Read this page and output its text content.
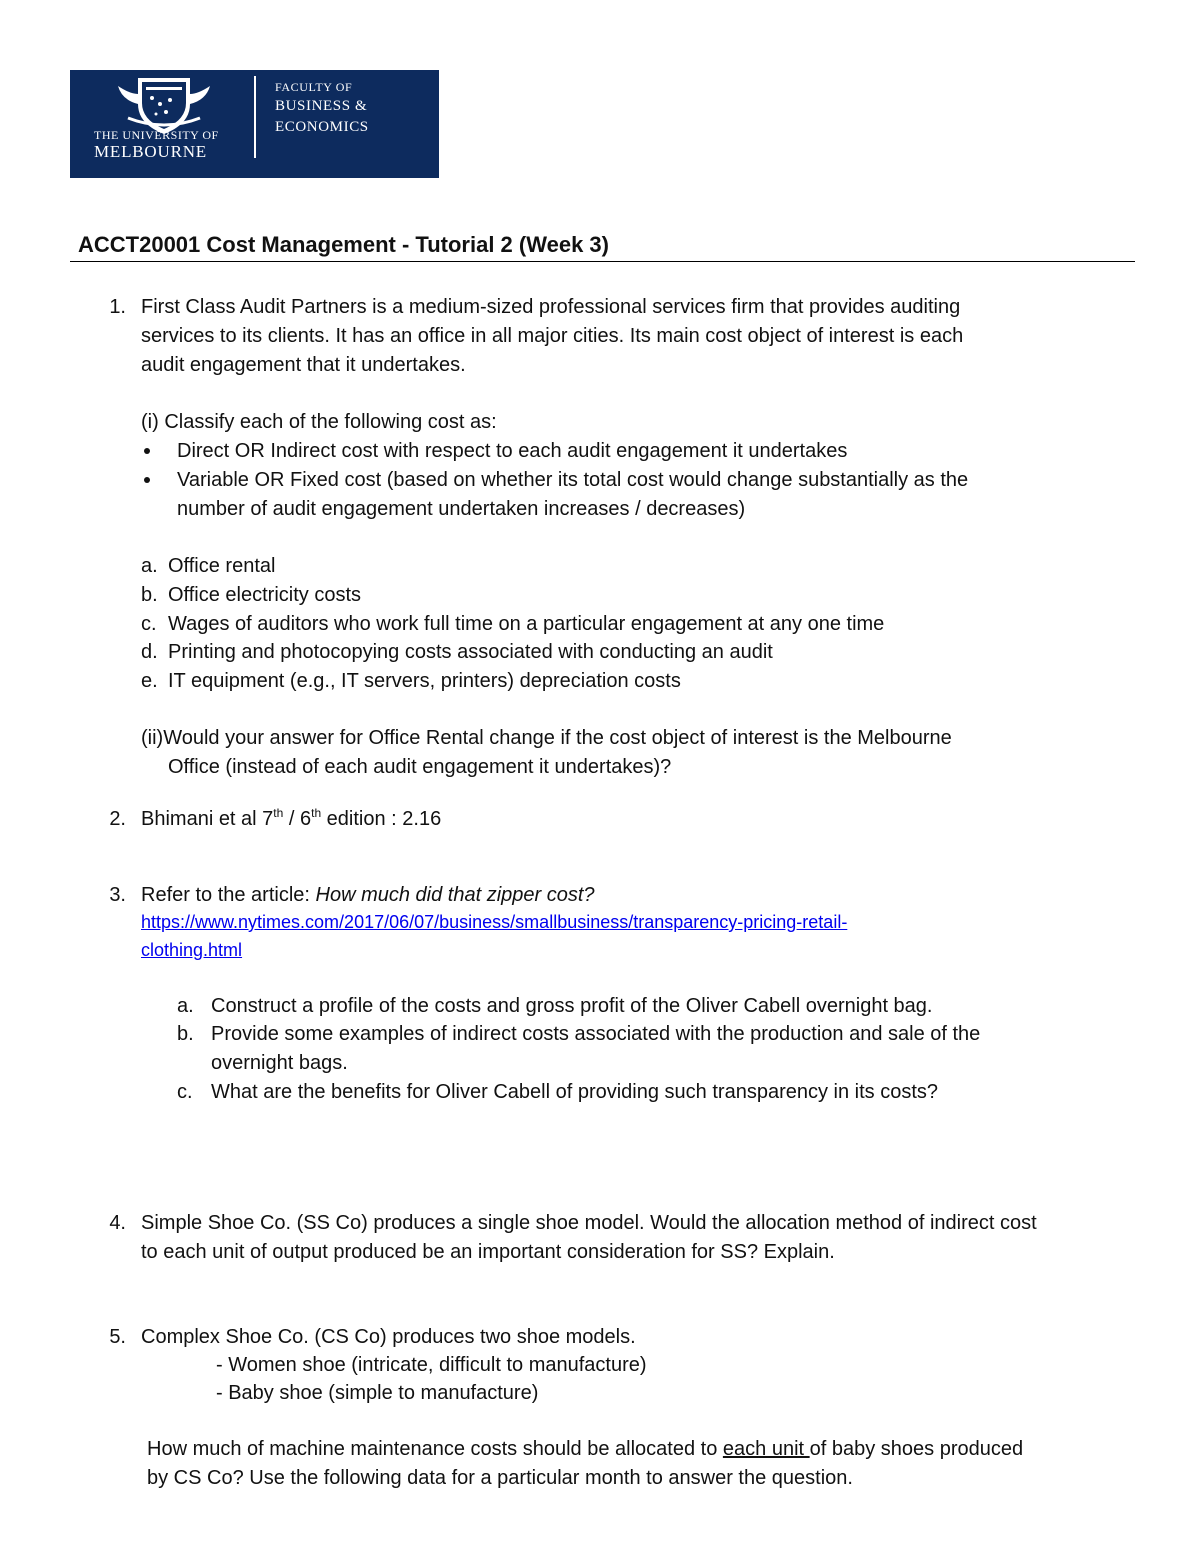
THE UNIVERSITY OF
MELBOURNE
FACULTY OF
BUSINESS &
ECONOMICS
ACCT20001 Cost Management - Tutorial 2 (Week 3)
1. First Class Audit Partners is a medium-sized professional services firm that provides auditing
services to its clients. It has an office in all major cities. Its main cost object of interest is each
audit engagement that it undertakes.
(i) Classify each of the following cost as:
Direct OR Indirect cost with respect to each audit engagement it undertakes
Variable OR Fixed cost (based on whether its total cost would change substantially as the
number of audit engagement undertaken increases / decreases)
a. Office rental
b. Office electricity costs
c. Wages of auditors who work full time on a particular engagement at any one time
d. Printing and photocopying costs associated with conducting an audit
e. IT equipment (e.g., IT servers, printers) depreciation costs
(ii)Would your answer for Office Rental change if the cost object of interest is the Melbourne
Office (instead of each audit engagement it undertakes)?
2. Bhimani et al 7th / 6th edition : 2.16
3. Refer to the article: How much did that zipper cost?
https://www.nytimes.com/2017/06/07/business/smallbusiness/transparency-pricing-retail-
clothing.html
a. Construct a profile of the costs and gross profit of the Oliver Cabell overnight bag.
b. Provide some examples of indirect costs associated with the production and sale of the
overnight bags.
c. What are the benefits for Oliver Cabell of providing such transparency in its costs?
4. Simple Shoe Co. (SS Co) produces a single shoe model. Would the allocation method of indirect cost
to each unit of output produced be an important consideration for SS? Explain.
5. Complex Shoe Co. (CS Co) produces two shoe models.
- Women shoe (intricate, difficult to manufacture)
- Baby shoe (simple to manufacture)
How much of machine maintenance costs should be allocated to each unit of baby shoes produced
by CS Co? Use the following data for a particular month to answer the question.
